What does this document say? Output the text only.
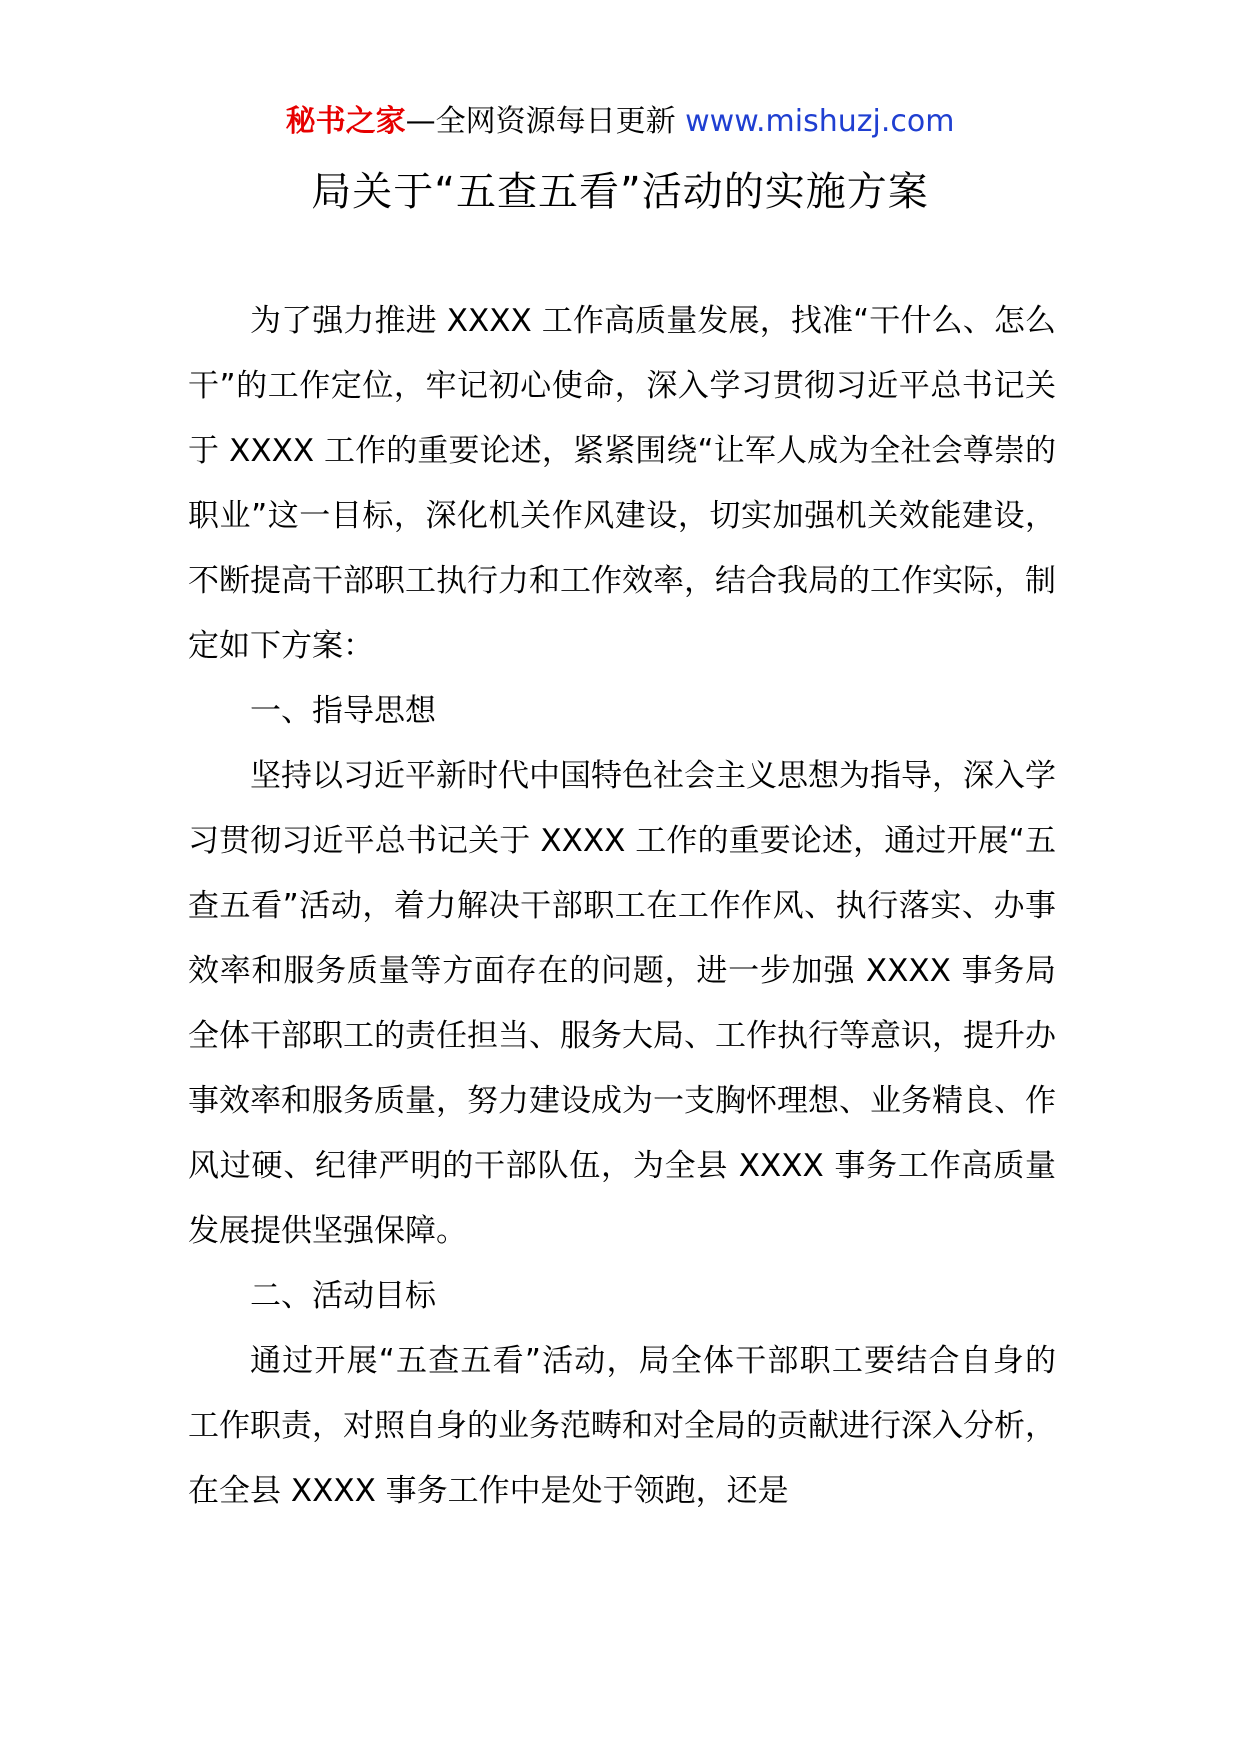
秘书之家—全网资源每日更新 www.mishuzj.com
局关于“五查五看”活动的实施方案

为了强力推进 XXXX 工作高质量发展，找准“干什么、怎么干”的工作定位，牢记初心使命，深入学习贯彻习近平总书记关于 XXXX 工作的重要论述，紧紧围绕“让军人成为全社会尊崇的职业”这一目标，深化机关作风建设，切实加强机关效能建设，不断提高干部职工执行力和工作效率，结合我局的工作实际，制定如下方案：

一、指导思想

坚持以习近平新时代中国特色社会主义思想为指导，深入学习贯彻习近平总书记关于 XXXX 工作的重要论述，通过开展“五查五看”活动，着力解决干部职工在工作作风、执行落实、办事效率和服务质量等方面存在的问题，进一步加强 XXXX 事务局全体干部职工的责任担当、服务大局、工作执行等意识，提升办事效率和服务质量，努力建设成为一支胸怀理想、业务精良、作风过硬、纪律严明的干部队伍，为全县 XXXX 事务工作高质量发展提供坚强保障。

二、活动目标

通过开展“五查五看”活动，局全体干部职工要结合自身的工作职责，对照自身的业务范畴和对全局的贡献进行深入分析，在全县 XXXX 事务工作中是处于领跑，还是
